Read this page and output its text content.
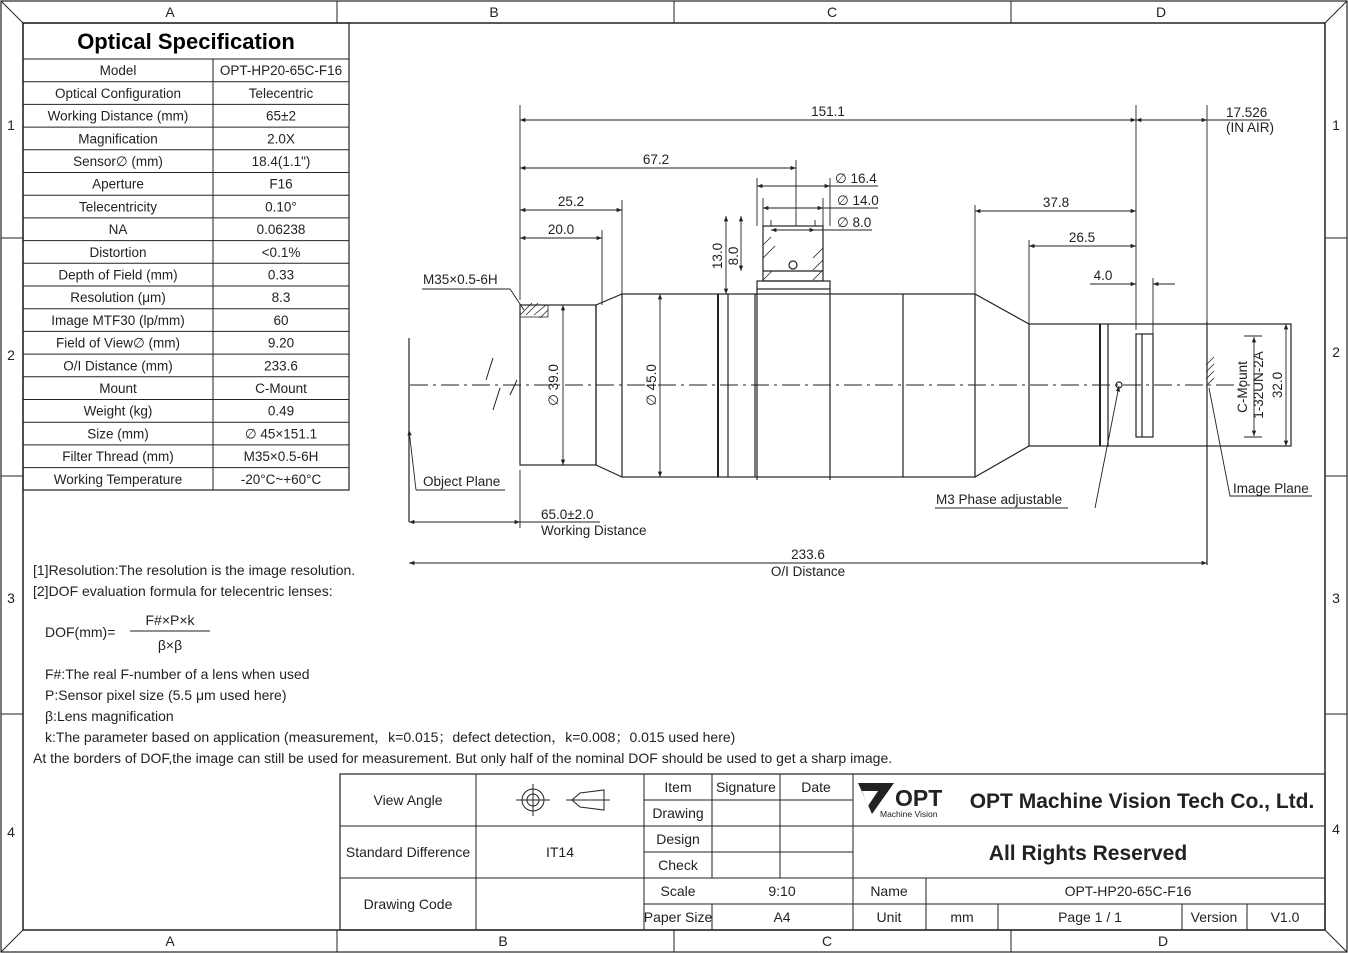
A	B	C	D
A	B	C	D
1
2
3
4
1
2
3
4
Optical Specification
Model	OPT-HP20-65C-F16
Optical Configuration	Telecentric
Working Distance (mm)	65±2
Magnification	2.0X
Sensor∅ (mm)	18.4(1.1")
Aperture	F16
Telecentricity	0.10°
NA	0.06238
Distortion	<0.1%
Depth of Field (mm)	0.33
Resolution (μm)	8.3
Image MTF30 (lp/mm)	60
Field of View∅ (mm)	9.20
O/I Distance (mm)	233.6
Mount	C-Mount
Weight (kg)	0.49
Size (mm)	∅ 45×151.1
Filter Thread (mm)	M35×0.5-6H
Working Temperature	-20°C~+60°C
151.1	17.526
(IN AIR)
67.2
25.2
20.0
∅ 16.4
∅ 14.0
∅ 8.0
13.0 8.0
37.8
26.5
4.0
M35×0.5-6H
∅ 39.0	∅ 45.0	C-Mount 1-32UN-2A 32.0
Object Plane	Image Plane
M3 Phase adjustable
65.0±2.0
Working Distance
233.6
O/I Distance
[1]Resolution:The resolution is the image resolution.
[2]DOF evaluation formula for telecentric lenses:
DOF(mm)=
F#×P×k
β×β
F#:The real F-number of a lens when used
P:Sensor pixel size (5.5 μm used here)
β:Lens magnification
k:The parameter based on application (measurement，k=0.015；defect detection，k=0.008；0.015 used here)
At the borders of DOF,the image can still be used for measurement. But only half of the nominal DOF should be used to get a sharp image.
OPT
Machine Vision
View Angle
Standard Difference	IT14
Drawing Code
Item Signature Date
Drawing
Design
Check
Scale	9:10
Paper Size	A4
OPT Machine Vision Tech Co., Ltd.
All Rights Reserved
Name	OPT-HP20-65C-F16
Unit	mm	Page 1 / 1	Version V1.0
